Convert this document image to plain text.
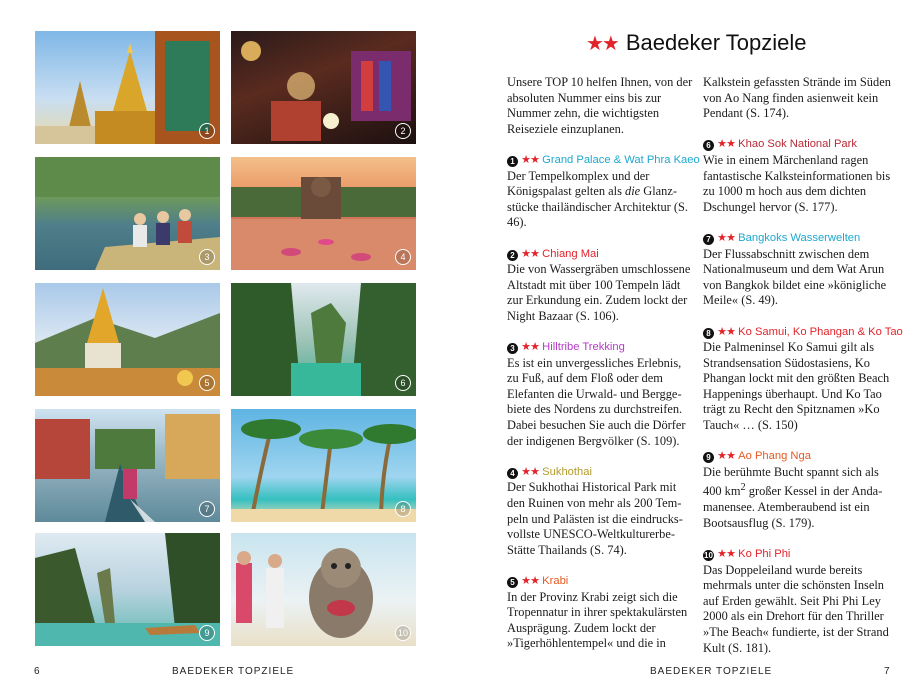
1	2
3	4
5	6
7	8
9	10
6	BAEDEKER TOPZIELE
★★ Baedeker Topziele

Unsere TOP 10 helfen Ihnen, von der absoluten Nummer eins bis zur Nummer zehn, die wichtigsten Reiseziele einzuplanen.

1 ★★ Grand Palace & Wat Phra Kaeo
Der Tempelkomplex und der Königspalast gelten als die Glanzstücke thailändischer Architektur (S. 46).
2 ★★ Chiang Mai
Die von Wassergräben umschlossene Altstadt mit über 100 Tempeln lädt zur Erkundung ein. Zudem lockt der Night Bazaar (S. 106).
3 ★★ Hilltribe Trekking
Es ist ein unvergessliches Erlebnis, zu Fuß, auf dem Floß oder dem Elefanten die Urwald- und Berggebiete des Nordens zu durchstreifen. Dabei besuchen Sie auch die Dörfer der indigenen Bergvölker (S. 109).
4 ★★ Sukhothai
Der Sukhothai Historical Park mit den Ruinen von mehr als 200 Tempeln und Palästen ist die eindrucksvollste UNESCO-Weltkulturerbe-Stätte Thailands (S. 74).
5 ★★ Krabi
In der Provinz Krabi zeigt sich die Tropennatur in ihrer spektakulärsten Ausprägung. Zudem lockt der »Tigerhöhlentempel« und die in

Kalkstein gefassten Strände im Süden von Ao Nang finden asienweit kein Pendant (S. 174).

6 ★★ Khao Sok National Park
Wie in einem Märchenland ragen fantastische Kalksteinformationen bis zu 1000 m hoch aus dem dichten Dschungel hervor (S. 177).
7 ★★ Bangkoks Wasserwelten
Der Flussabschnitt zwischen dem Nationalmuseum und dem Wat Arun von Bangkok bildet eine »königliche Meile« (S. 49).
8 ★★ Ko Samui, Ko Phangan & Ko Tao
Die Palmeninsel Ko Samui gilt als Strandsensation Südostasiens, Ko Phangan lockt mit den größten Beach Happenings überhaupt. Und Ko Tao trägt zu Recht den Spitznamen »Ko Tauch« … (S. 150)
9 ★★ Ao Phang Nga
Die berühmte Bucht spannt sich als 400 $km^2$ großer Kessel in der Andamanensee. Atemberaubend ist ein Bootsausflug (S. 179).
10 ★★ Ko Phi Phi
Das Doppeleiland wurde bereits mehrmals unter die schönsten Inseln auf Erden gewählt. Seit Phi Phi Ley 2000 als ein Drehort für den Thriller »The Beach« fundierte, ist der Strand Kult (S. 181).
BAEDEKER TOPZIELE	7
